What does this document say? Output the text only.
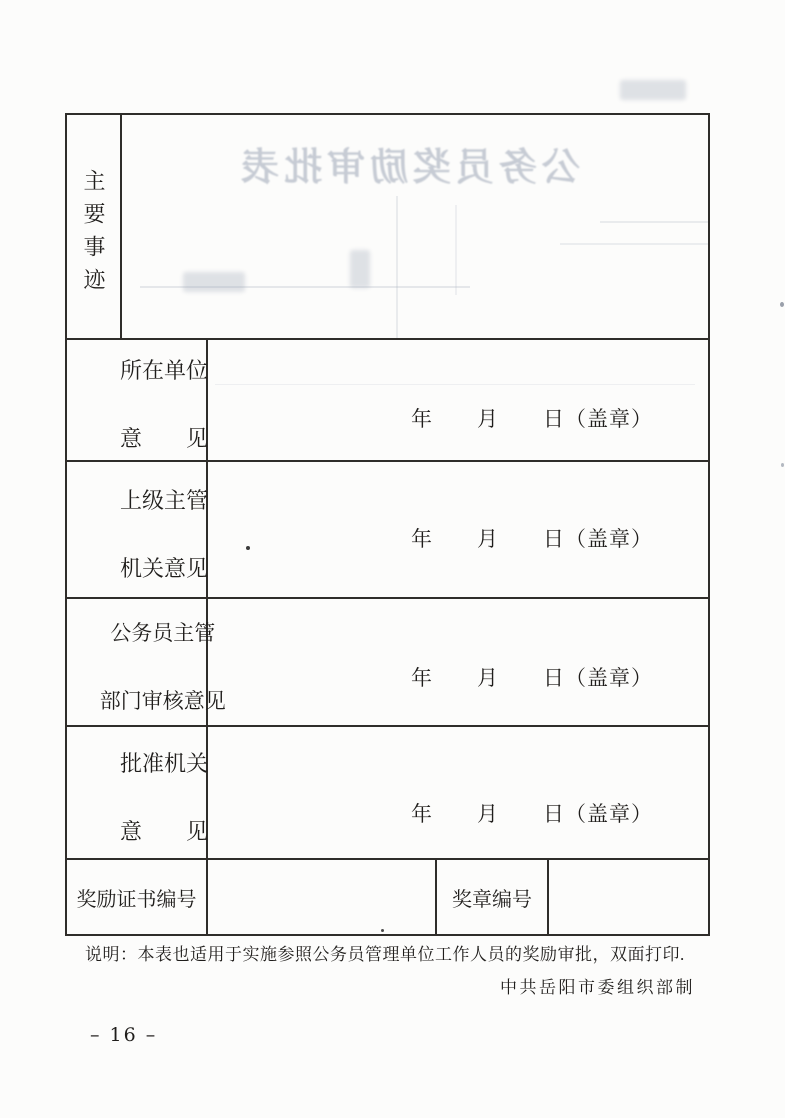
公务员奖励审批表
主要事迹

所在单位

意　　见

年　　月　　日（盖章）

上级主管

机关意见

年　　月　　日（盖章）

公务员主管

部门审核意见

年　　月　　日（盖章）

批准机关

意　　见

年　　月　　日（盖章）
奖励证书编号	奖章编号
说明：本表也适用于实施参照公务员管理单位工作人员的奖励审批，双面打印.
中共岳阳市委组织部制
– 16 –
